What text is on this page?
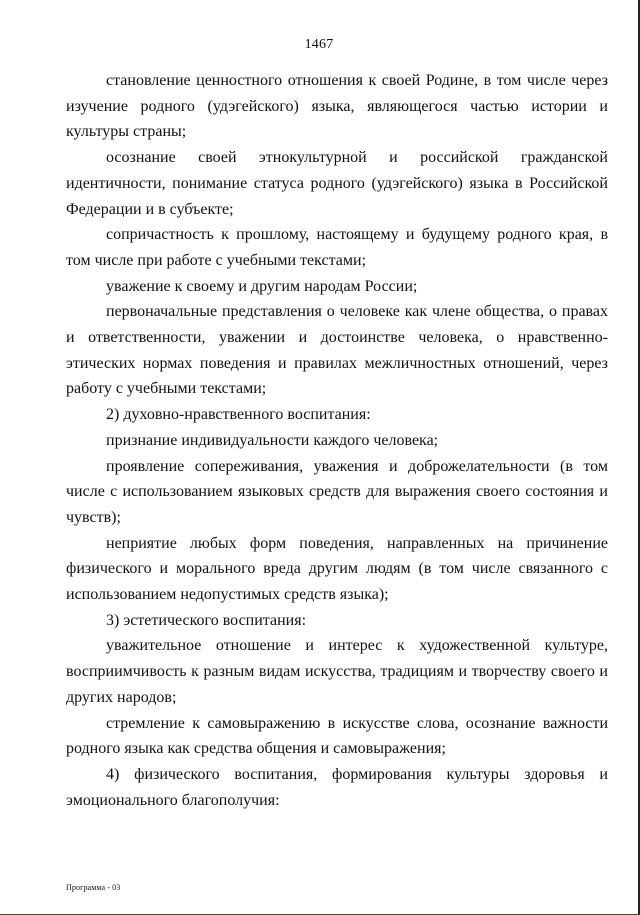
1467

становление ценностного отношения к своей Родине, в том числе через изучение родного (удэгейского) языка, являющегося частью истории и культуры страны;

осознание своей этнокультурной и российской гражданской идентичности, понимание статуса родного (удэгейского) языка в Российской Федерации и в субъекте;

сопричастность к прошлому, настоящему и будущему родного края, в том числе при работе с учебными текстами;

уважение к своему и другим народам России;

первоначальные представления о человеке как члене общества, о правах и ответственности, уважении и достоинстве человека, о нравственно-этических нормах поведения и правилах межличностных отношений, через работу с учебными текстами;

2) духовно-нравственного воспитания:

признание индивидуальности каждого человека;

проявление сопереживания, уважения и доброжелательности (в том числе с использованием языковых средств для выражения своего состояния и чувств);

неприятие любых форм поведения, направленных на причинение физического и морального вреда другим людям (в том числе связанного с использованием недопустимых средств языка);

3) эстетического воспитания:

уважительное отношение и интерес к художественной культуре, восприимчивость к разным видам искусства, традициям и творчеству своего и других народов;

стремление к самовыражению в искусстве слова, осознание важности родного языка как средства общения и самовыражения;

4) физического воспитания, формирования культуры здоровья и эмоционального благополучия:

Программа - 03
